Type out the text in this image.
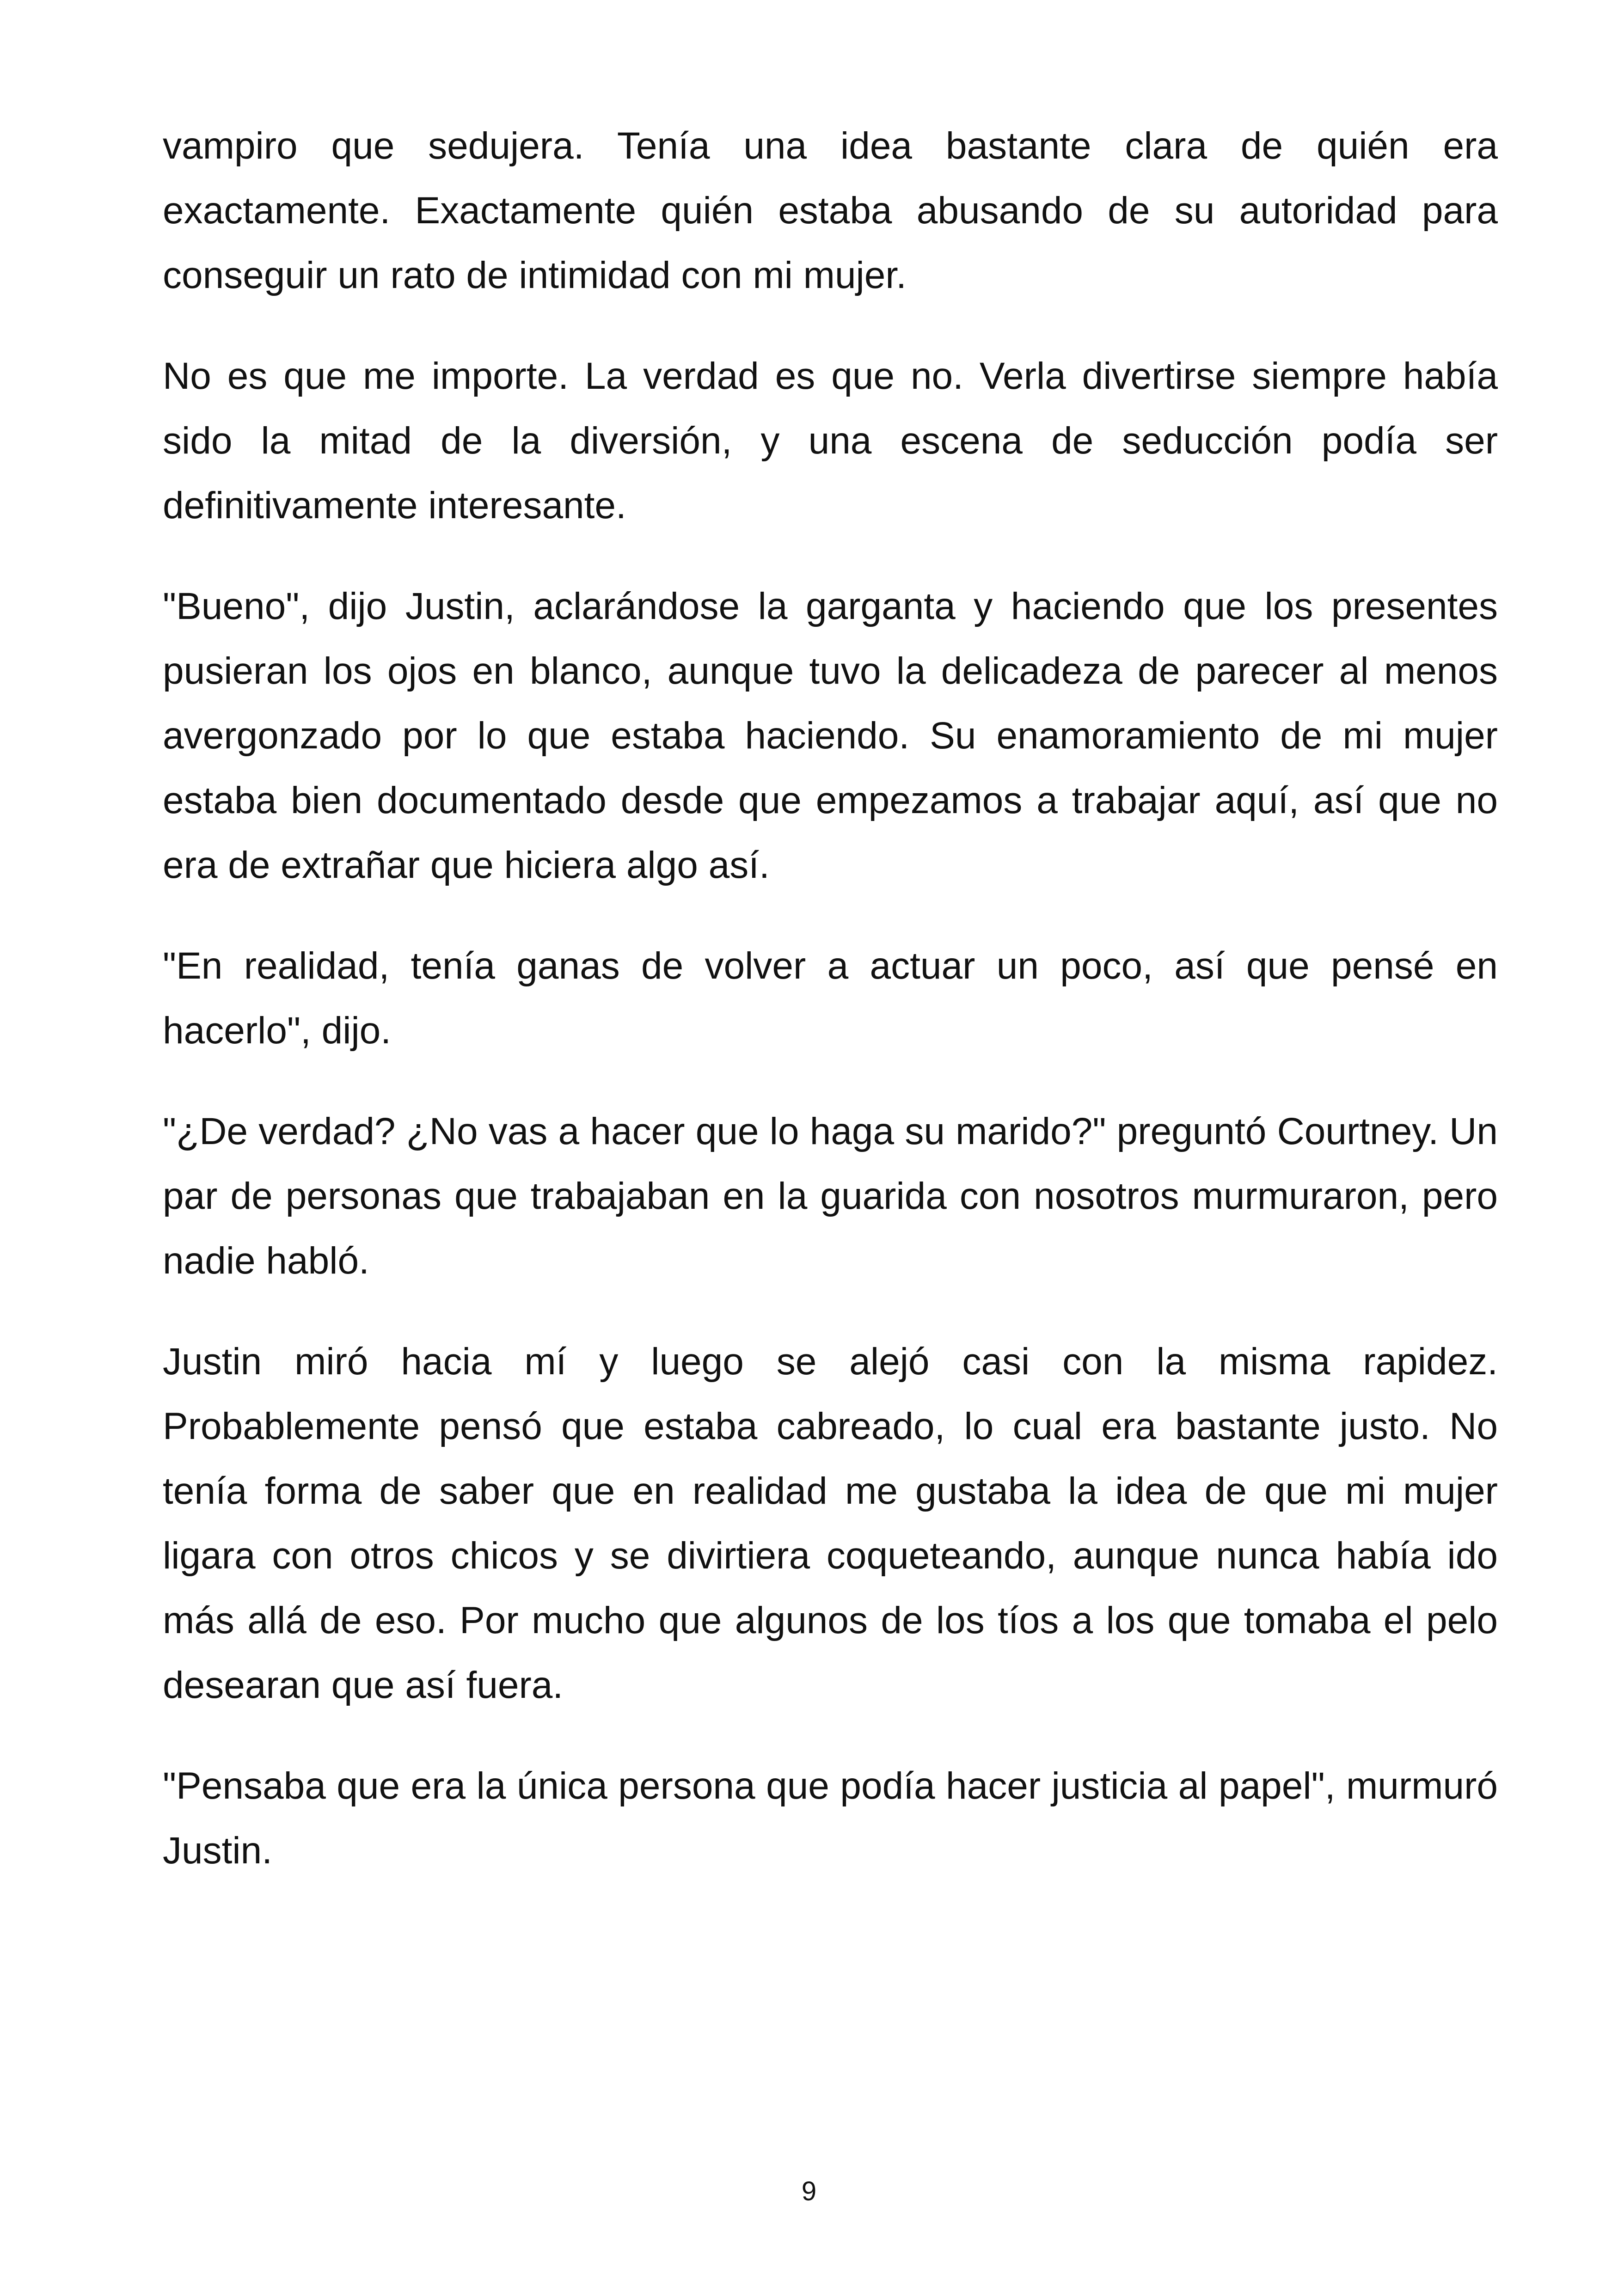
vampiro que sedujera. Tenía una idea bastante clara de quién era exactamente. Exactamente quién estaba abusando de su autoridad para conseguir un rato de intimidad con mi mujer.

No es que me importe. La verdad es que no. Verla divertirse siempre había sido la mitad de la diversión, y una escena de seducción podía ser definitivamente interesante.

"Bueno", dijo Justin, aclarándose la garganta y haciendo que los presentes pusieran los ojos en blanco, aunque tuvo la delicadeza de parecer al menos avergonzado por lo que estaba haciendo. Su enamoramiento de mi mujer estaba bien documentado desde que empezamos a trabajar aquí, así que no era de extrañar que hiciera algo así.

"En realidad, tenía ganas de volver a actuar un poco, así que pensé en hacerlo", dijo.

"¿De verdad? ¿No vas a hacer que lo haga su marido?" preguntó Courtney. Un par de personas que trabajaban en la guarida con nosotros murmuraron, pero nadie habló.

Justin miró hacia mí y luego se alejó casi con la misma rapidez. Probablemente pensó que estaba cabreado, lo cual era bastante justo. No tenía forma de saber que en realidad me gustaba la idea de que mi mujer ligara con otros chicos y se divirtiera coqueteando, aunque nunca había ido más allá de eso. Por mucho que algunos de los tíos a los que tomaba el pelo desearan que así fuera.

"Pensaba que era la única persona que podía hacer justicia al papel", murmuró Justin.

9
